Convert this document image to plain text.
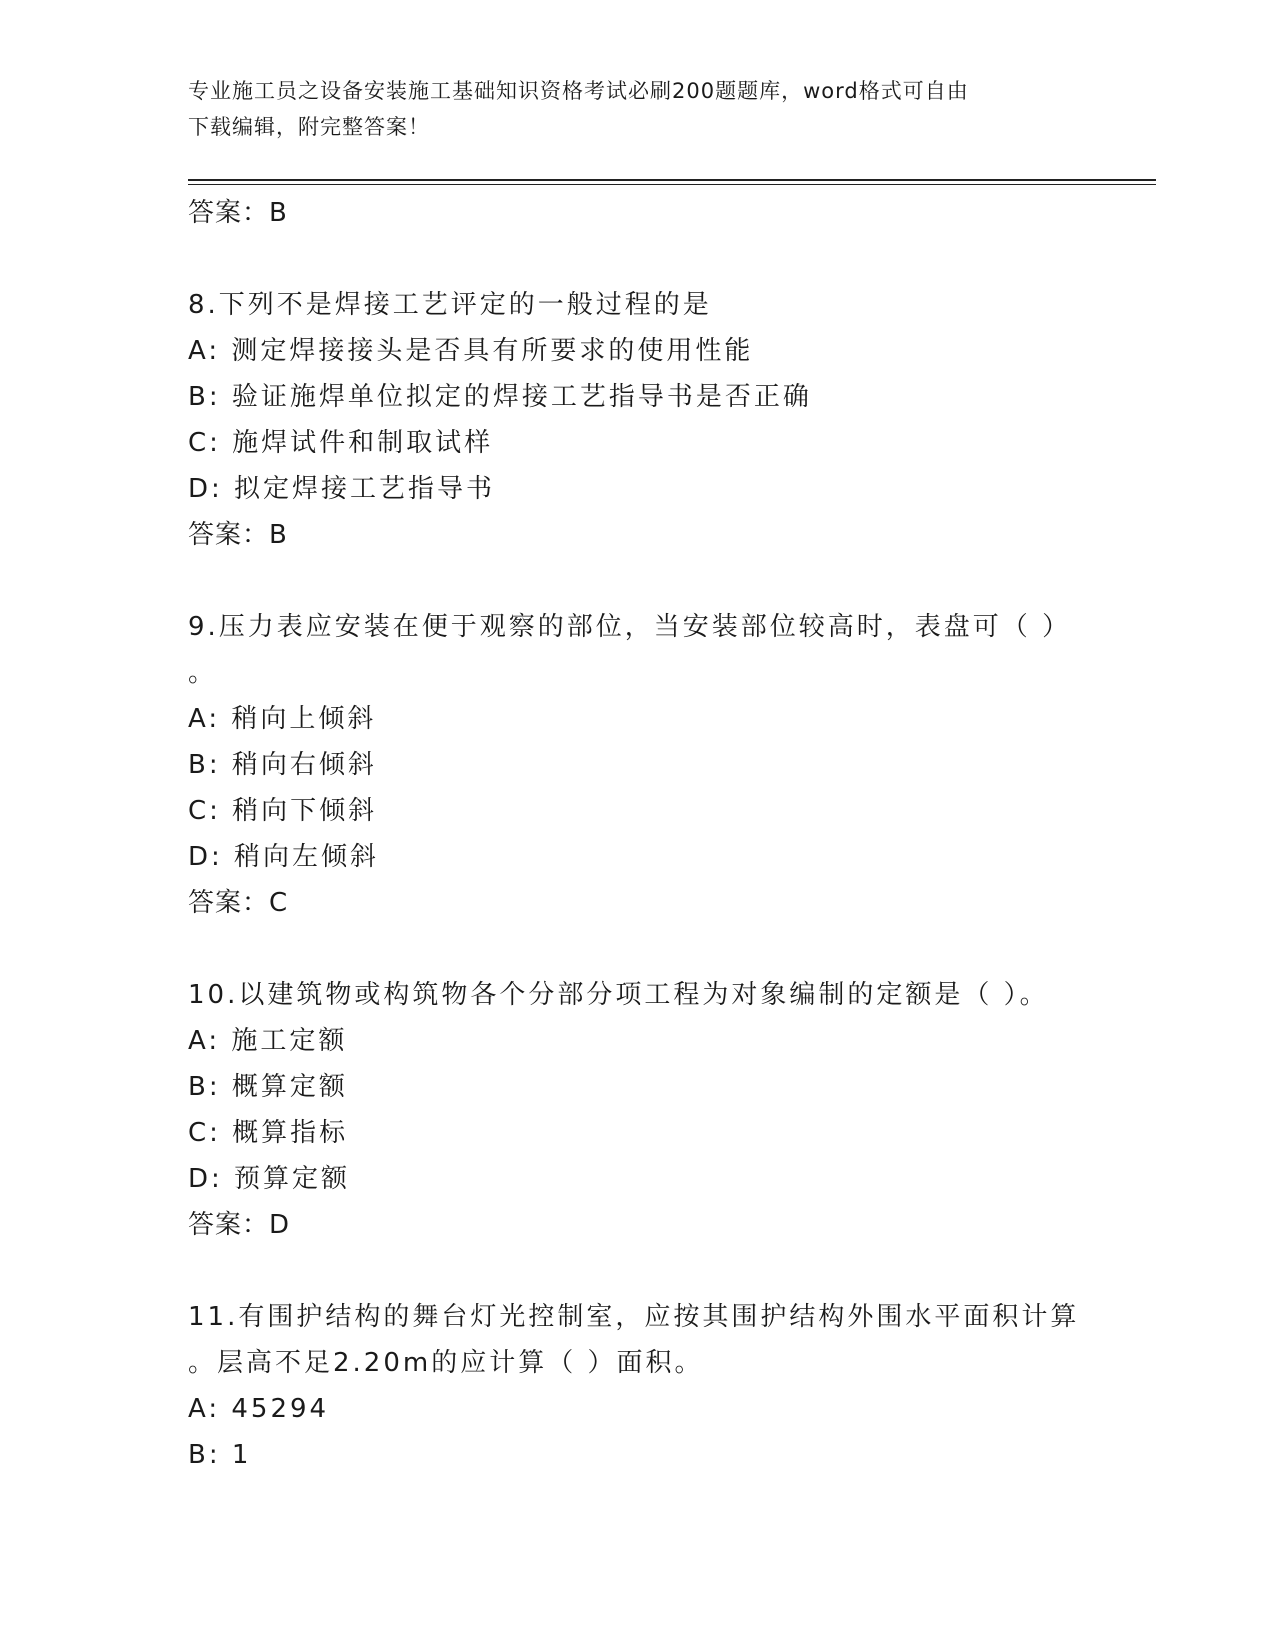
专业施工员之设备安装施工基础知识资格考试必刷200题题库，word格式可自由
下载编辑，附完整答案！
答案：B
8.下列不是焊接工艺评定的一般过程的是
A: 测定焊接接头是否具有所要求的使用性能
B: 验证施焊单位拟定的焊接工艺指导书是否正确
C: 施焊试件和制取试样
D: 拟定焊接工艺指导书
答案：B
9.压力表应安装在便于观察的部位，当安装部位较高时，表盘可（ ）
。
A: 稍向上倾斜
B: 稍向右倾斜
C: 稍向下倾斜
D: 稍向左倾斜
答案：C
10.以建筑物或构筑物各个分部分项工程为对象编制的定额是（ ）。
A: 施工定额
B: 概算定额
C: 概算指标
D: 预算定额
答案：D
11.有围护结构的舞台灯光控制室，应按其围护结构外围水平面积计算
。层高不足2.20m的应计算（ ）面积。
A: 45294
B: 1
